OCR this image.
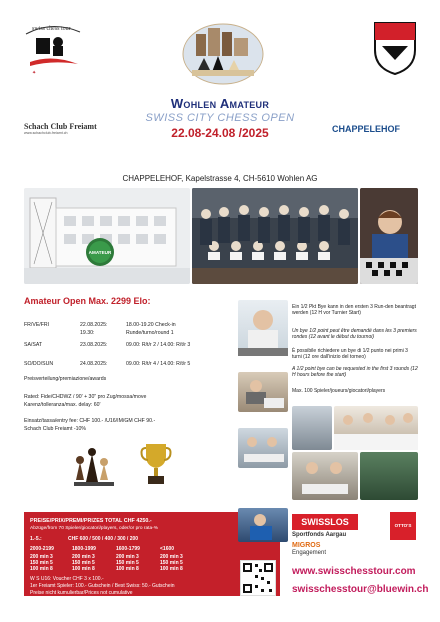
swiss chess tour
✦
Wohlen Amateur
SWISS CITY CHESS OPEN
22.08-24.08 /2025
Schach Club Freiamt
www.schachclub-freiamt.ch	CHAPPELEHOF
CHAPPELEHOF, Kapelstrasse 4, CH-5610 Wohlen AG
AMATEUR
Amateur Open Max. 2299 Elo:
FR/VE/FRI	22.08.2025:	18.00-19.20 Check-in
19.30:	Runde/turno/round 1
SA/SAT	23.08.2025:	09.00: R/t/r 2 / 14.00: R/t/r 3
SO/DO/SUN	24.08.2025:	09.00: R/t/r 4 / 14.00: R/t/r 5
Preisverteilung/premiazione/awards
Rated: Fide/CHDWZ / 90' + 30" pro Zug/mossa/move
Karenz/tolleranza/max. delay: 60'
Einsatz/tassa/entry fee: CHF 100.- /U16/IM/GM CHF 90.-
Schach Club Freiamt -10%
PREISE/PRIX/PREMI/PRIZES TOTAL CHF 4250.-
Abzüge/from 70 Spieler/giocatori/players, oder/or pro rata-%
1.-5.:	CHF 600 / 500 / 400 / 300 / 200
2000-2199	1800-1999	1600-1799	<1600
200 min 3	200 min 3	200 min 3	200 min 3
150 min 5	150 min 5	150 min 5	150 min 5
100 min 8	100 min 8	100 min 8	100 min 8
W S U16: Voucher CHF 3 x 100.-
1er Freiamt Spieler: 100.- Gutschein / Best Swiss: 50.- Gutschein
Preise nicht kumulierbar/Prices not cumulative
Ein 1/2 Pkt Bye kann in den ersten 3 Run-den beantragt werden (12 H vor Turnier Start)
Un bye 1/2 point peut être demandé dans les 3 premiers rondes (12 avant le début du tournoi)
È possibile richiedere un bye di 1/2 punto nei primi 3 turni (12 ore dall'inizio del torneo)
A 1/2 point bye can be requested in the first 3 rounds (12 H hours before the start)
Max. 100 Spieler/joueurs/giocatori/players
SWISSLOS
Sportfonds Aargau
MIGROS
Engagement
OTTO'S
www.swisschesstour.com
swisschesstour@bluewin.ch
